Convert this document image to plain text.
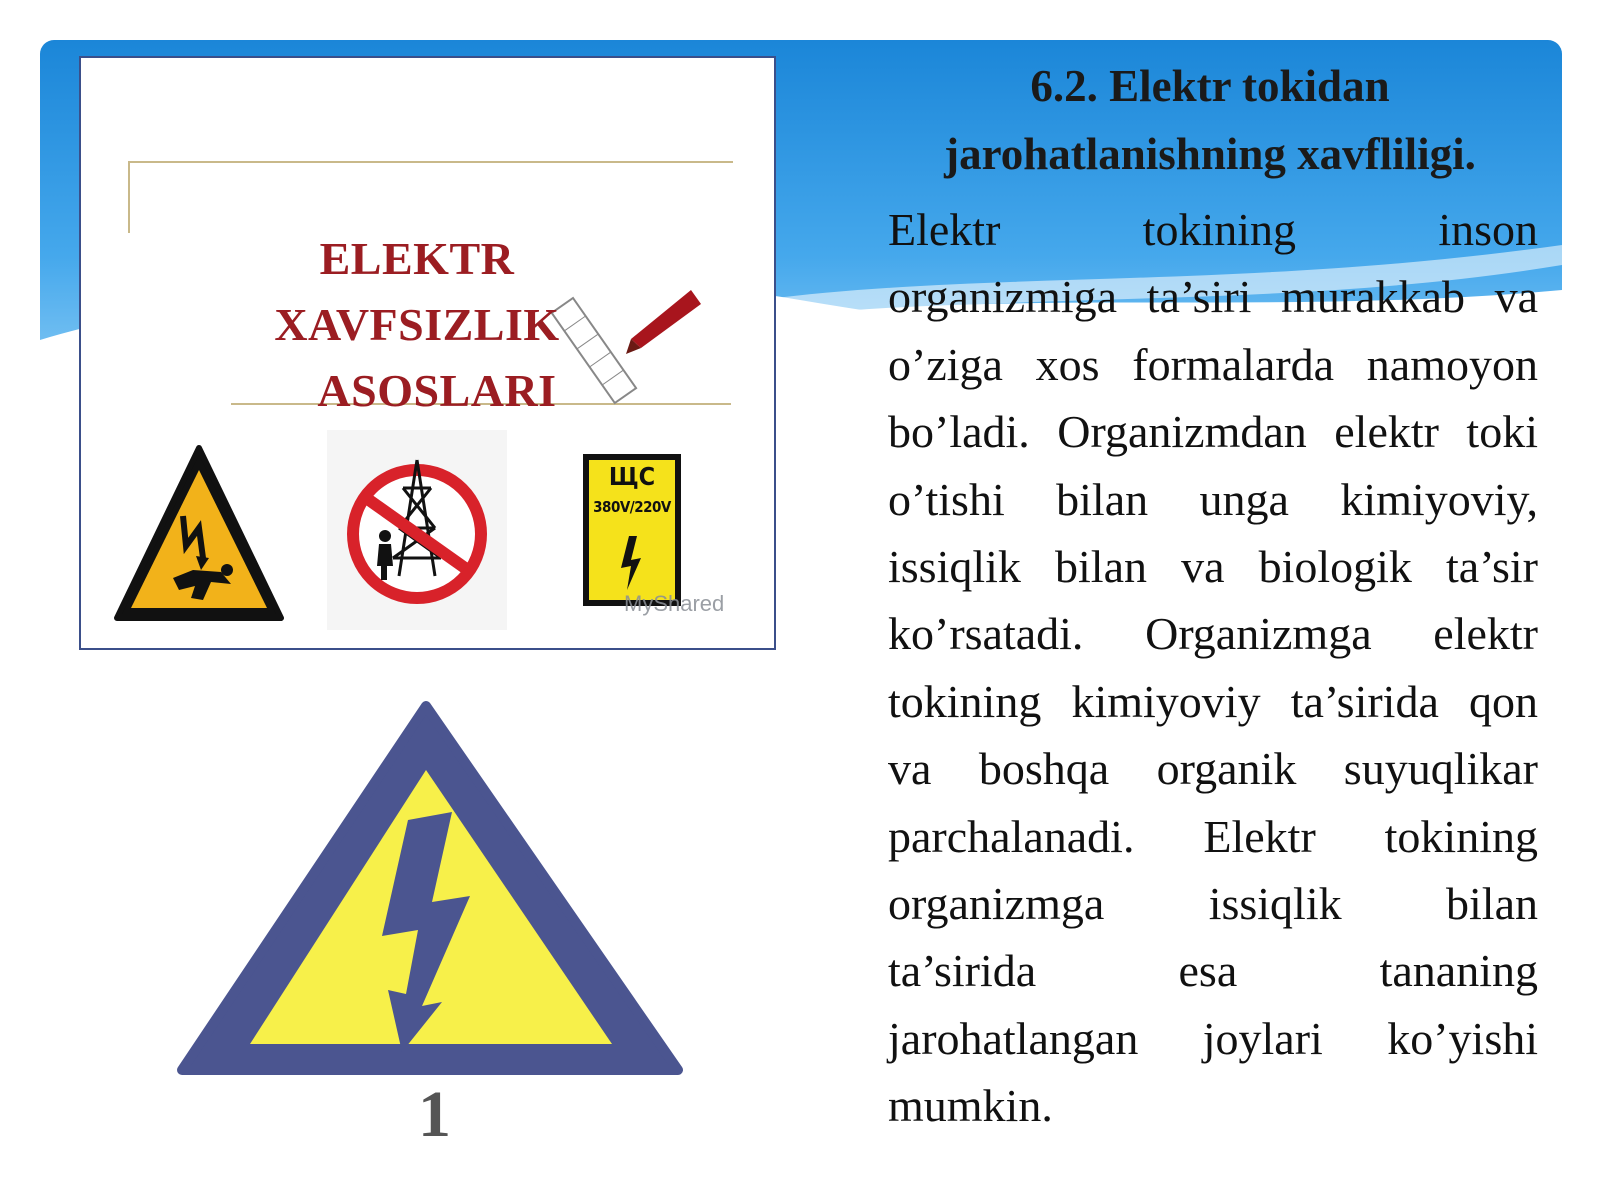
6.2. Elektr tokidan
jarohatlanishning xavfliligi.

Elektr tokining inson
organizmiga ta’siri murakkab va
o’ziga xos formalarda namoyon
bo’ladi. Organizmdan elektr toki
o’tishi bilan unga kimiyoviy,
issiqlik bilan va biologik ta’sir
ko’rsatadi. Organizmga elektr
tokining kimiyoviy ta’sirida qon
va boshqa organik suyuqlikar
parchalanadi. Elektr tokining
organizmga issiqlik bilan
ta’sirida esa tananing
jarohatlangan joylari ko’yishi
mumkin.

ELEKTR XAVFSIZLIK
ASOSLARI
ЩС
380V/220V
MyShared
1
